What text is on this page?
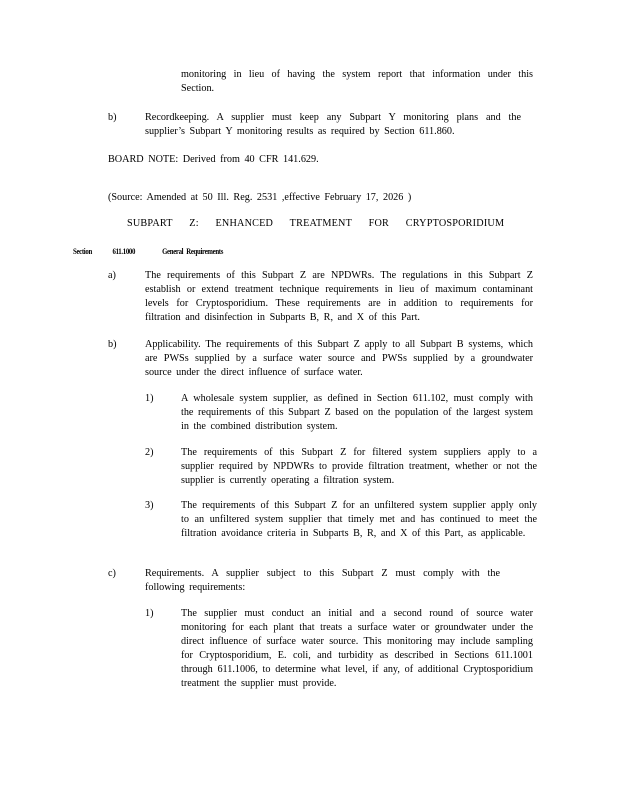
monitoring in lieu of having the system report that information under this Section.
b)	Recordkeeping. A supplier must keep any Subpart Y monitoring plans and the supplier’s Subpart Y monitoring results as required by Section 611.860.
BOARD NOTE: Derived from 40 CFR 141.629.
(Source: Amended at 50 Ill. Reg. 2531 ,effective February 17, 2026 )
SUBPART Z: ENHANCED TREATMENT FOR CRYPTOSPORIDIUM
Section 611.1000	General Requirements
a)	The requirements of this Subpart Z are NPDWRs. The regulations in this Subpart Z establish or extend treatment technique requirements in lieu of maximum contaminant levels for Cryptosporidium. These requirements are in addition to requirements for filtration and disinfection in Subparts B, R, and X of this Part.
b)	Applicability. The requirements of this Subpart Z apply to all Subpart B systems, which are PWSs supplied by a surface water source and PWSs supplied by a groundwater source under the direct influence of surface water.
1)	A wholesale system supplier, as defined in Section 611.102, must comply with the requirements of this Subpart Z based on the population of the largest system in the combined distribution system.
2)	The requirements of this Subpart Z for filtered system suppliers apply to a supplier required by NPDWRs to provide filtration treatment, whether or not the supplier is currently operating a filtration system.
3)	The requirements of this Subpart Z for an unfiltered system supplier apply only to an unfiltered system supplier that timely met and has continued to meet the filtration avoidance criteria in Subparts B, R, and X of this Part, as applicable.
c)	Requirements. A supplier subject to this Subpart Z must comply with the following requirements:
1)	The supplier must conduct an initial and a second round of source water monitoring for each plant that treats a surface water or groundwater under the direct influence of surface water source. This monitoring may include sampling for Cryptosporidium, E. coli, and turbidity as described in Sections 611.1001 through 611.1006, to determine what level, if any, of additional Cryptosporidium treatment the supplier must provide.
